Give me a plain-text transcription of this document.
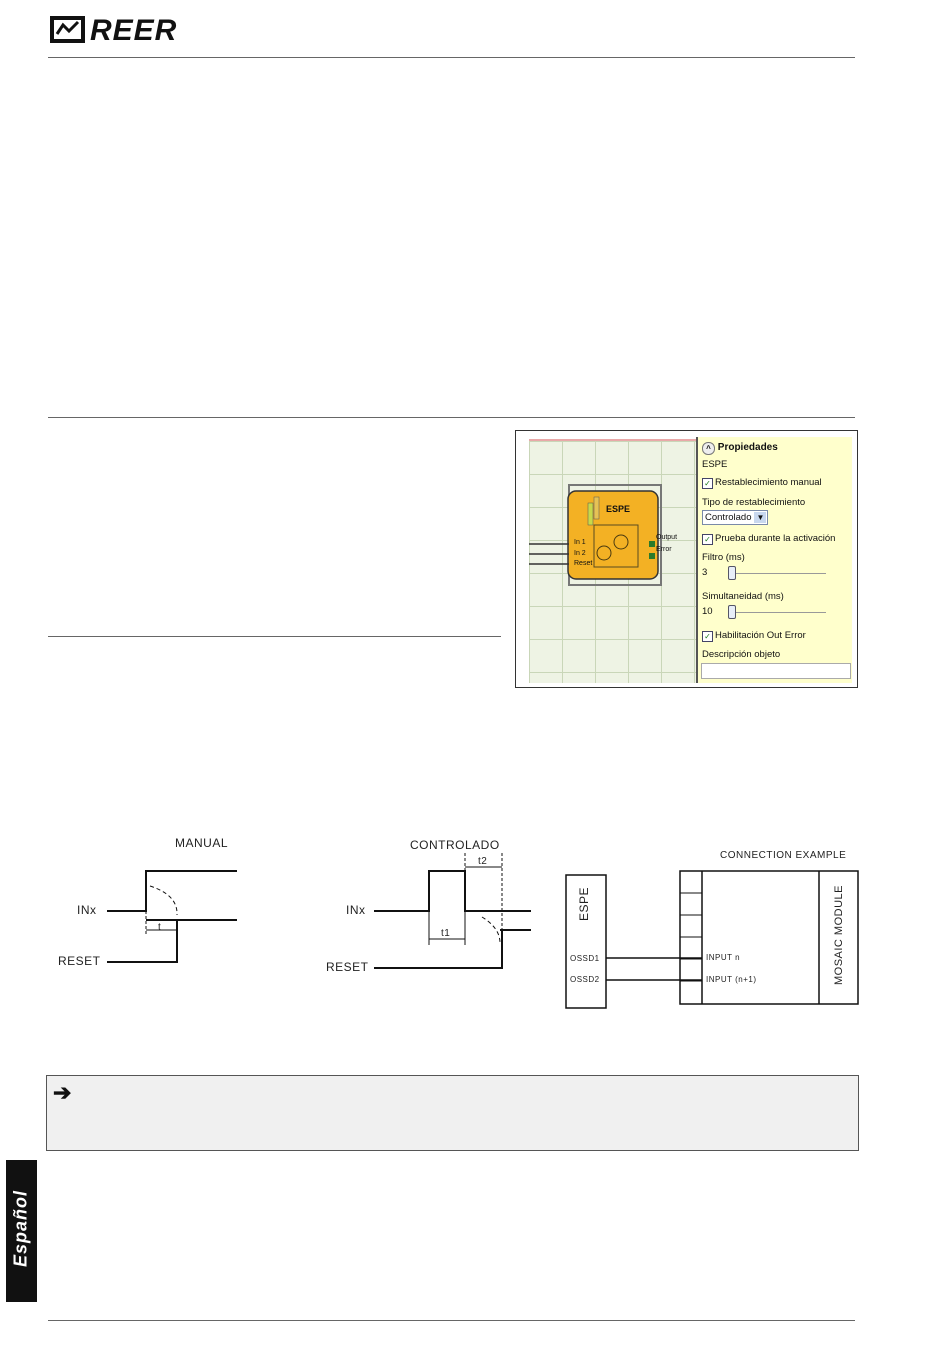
REER
ESPE
In 1
In 2
Reset
Output
Error
^ Propiedades
ESPE
✓ Restablecimiento manual
Tipo de restablecimiento
Controlado ▼
✓ Prueba durante la activación
Filtro (ms)
3
Simultaneidad (ms)
10
✓ Habilitación Out Error
Descripción objeto
MANUAL
INx
RESET
t
CONTROLADO
INx
RESET
t1
t2
CONNECTION EXAMPLE
ESPE
OSSD1
OSSD2
INPUT n
INPUT (n+1)	MOSAIC MODULE
➔
Español
